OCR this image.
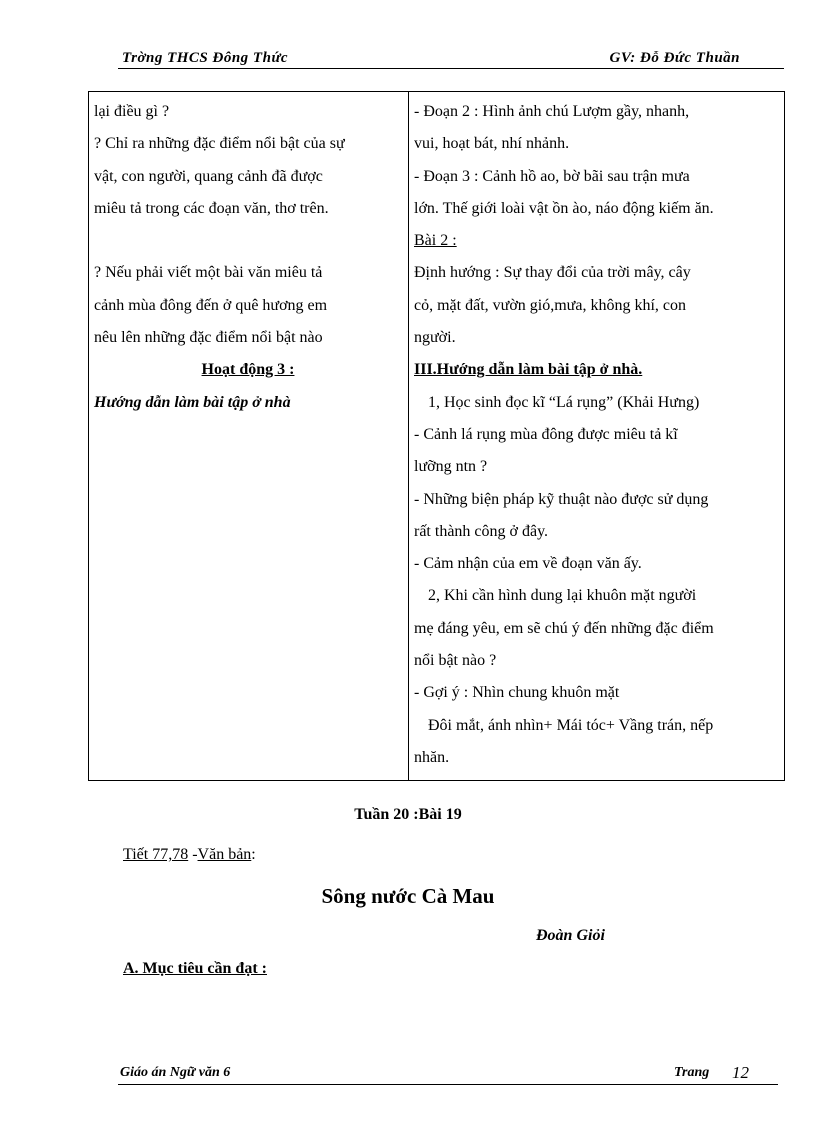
Trờng THCS Đông Thức	GV: Đỗ Đức Thuần
lại điều gì ?
? Chỉ ra những đặc điểm nổi bật của sự
vật, con người, quang cảnh đã được
miêu tả trong các đoạn văn, thơ trên.
? Nếu phải viết một bài văn miêu tả
cảnh mùa đông đến ở quê hương em
nêu lên những đặc điểm nổi bật nào
Hoạt động 3 :
Hướng dẫn làm bài tập ở nhà

- Đoạn 2 : Hình ảnh chú Lượm gầy, nhanh,
vui, hoạt bát, nhí nhảnh.
- Đoạn 3 : Cảnh hồ ao, bờ bãi sau trận mưa
lớn. Thế giới loài vật ồn ào, náo động kiếm ăn.
Bài 2 :
Định hướng : Sự thay đổi của trời mây, cây
cỏ, mặt đất, vườn gió,mưa, không khí, con
người.
III.Hướng dẫn làm bài tập ở nhà.
1, Học sinh đọc kĩ “Lá rụng” (Khải Hưng)
- Cảnh lá rụng mùa đông được miêu tả kĩ
lưỡng ntn ?
- Những biện pháp kỹ thuật nào được sử dụng
rất thành công ở đây.
- Cảm nhận của em về đoạn văn ấy.
2, Khi cần hình dung lại khuôn mặt người
mẹ đáng yêu, em sẽ chú ý đến những đặc điểm
nổi bật nào ?
- Gợi ý : Nhìn chung khuôn mặt
Đôi mắt, ánh nhìn+ Mái tóc+ Vầng trán, nếp
nhăn.
Tuần 20 :Bài 19
Tiết 77,78 -Văn bản:
Sông nước Cà Mau
Đoàn Giỏi
A. Mục tiêu cần đạt :
Giáo án Ngữ văn 6	Trang 12
